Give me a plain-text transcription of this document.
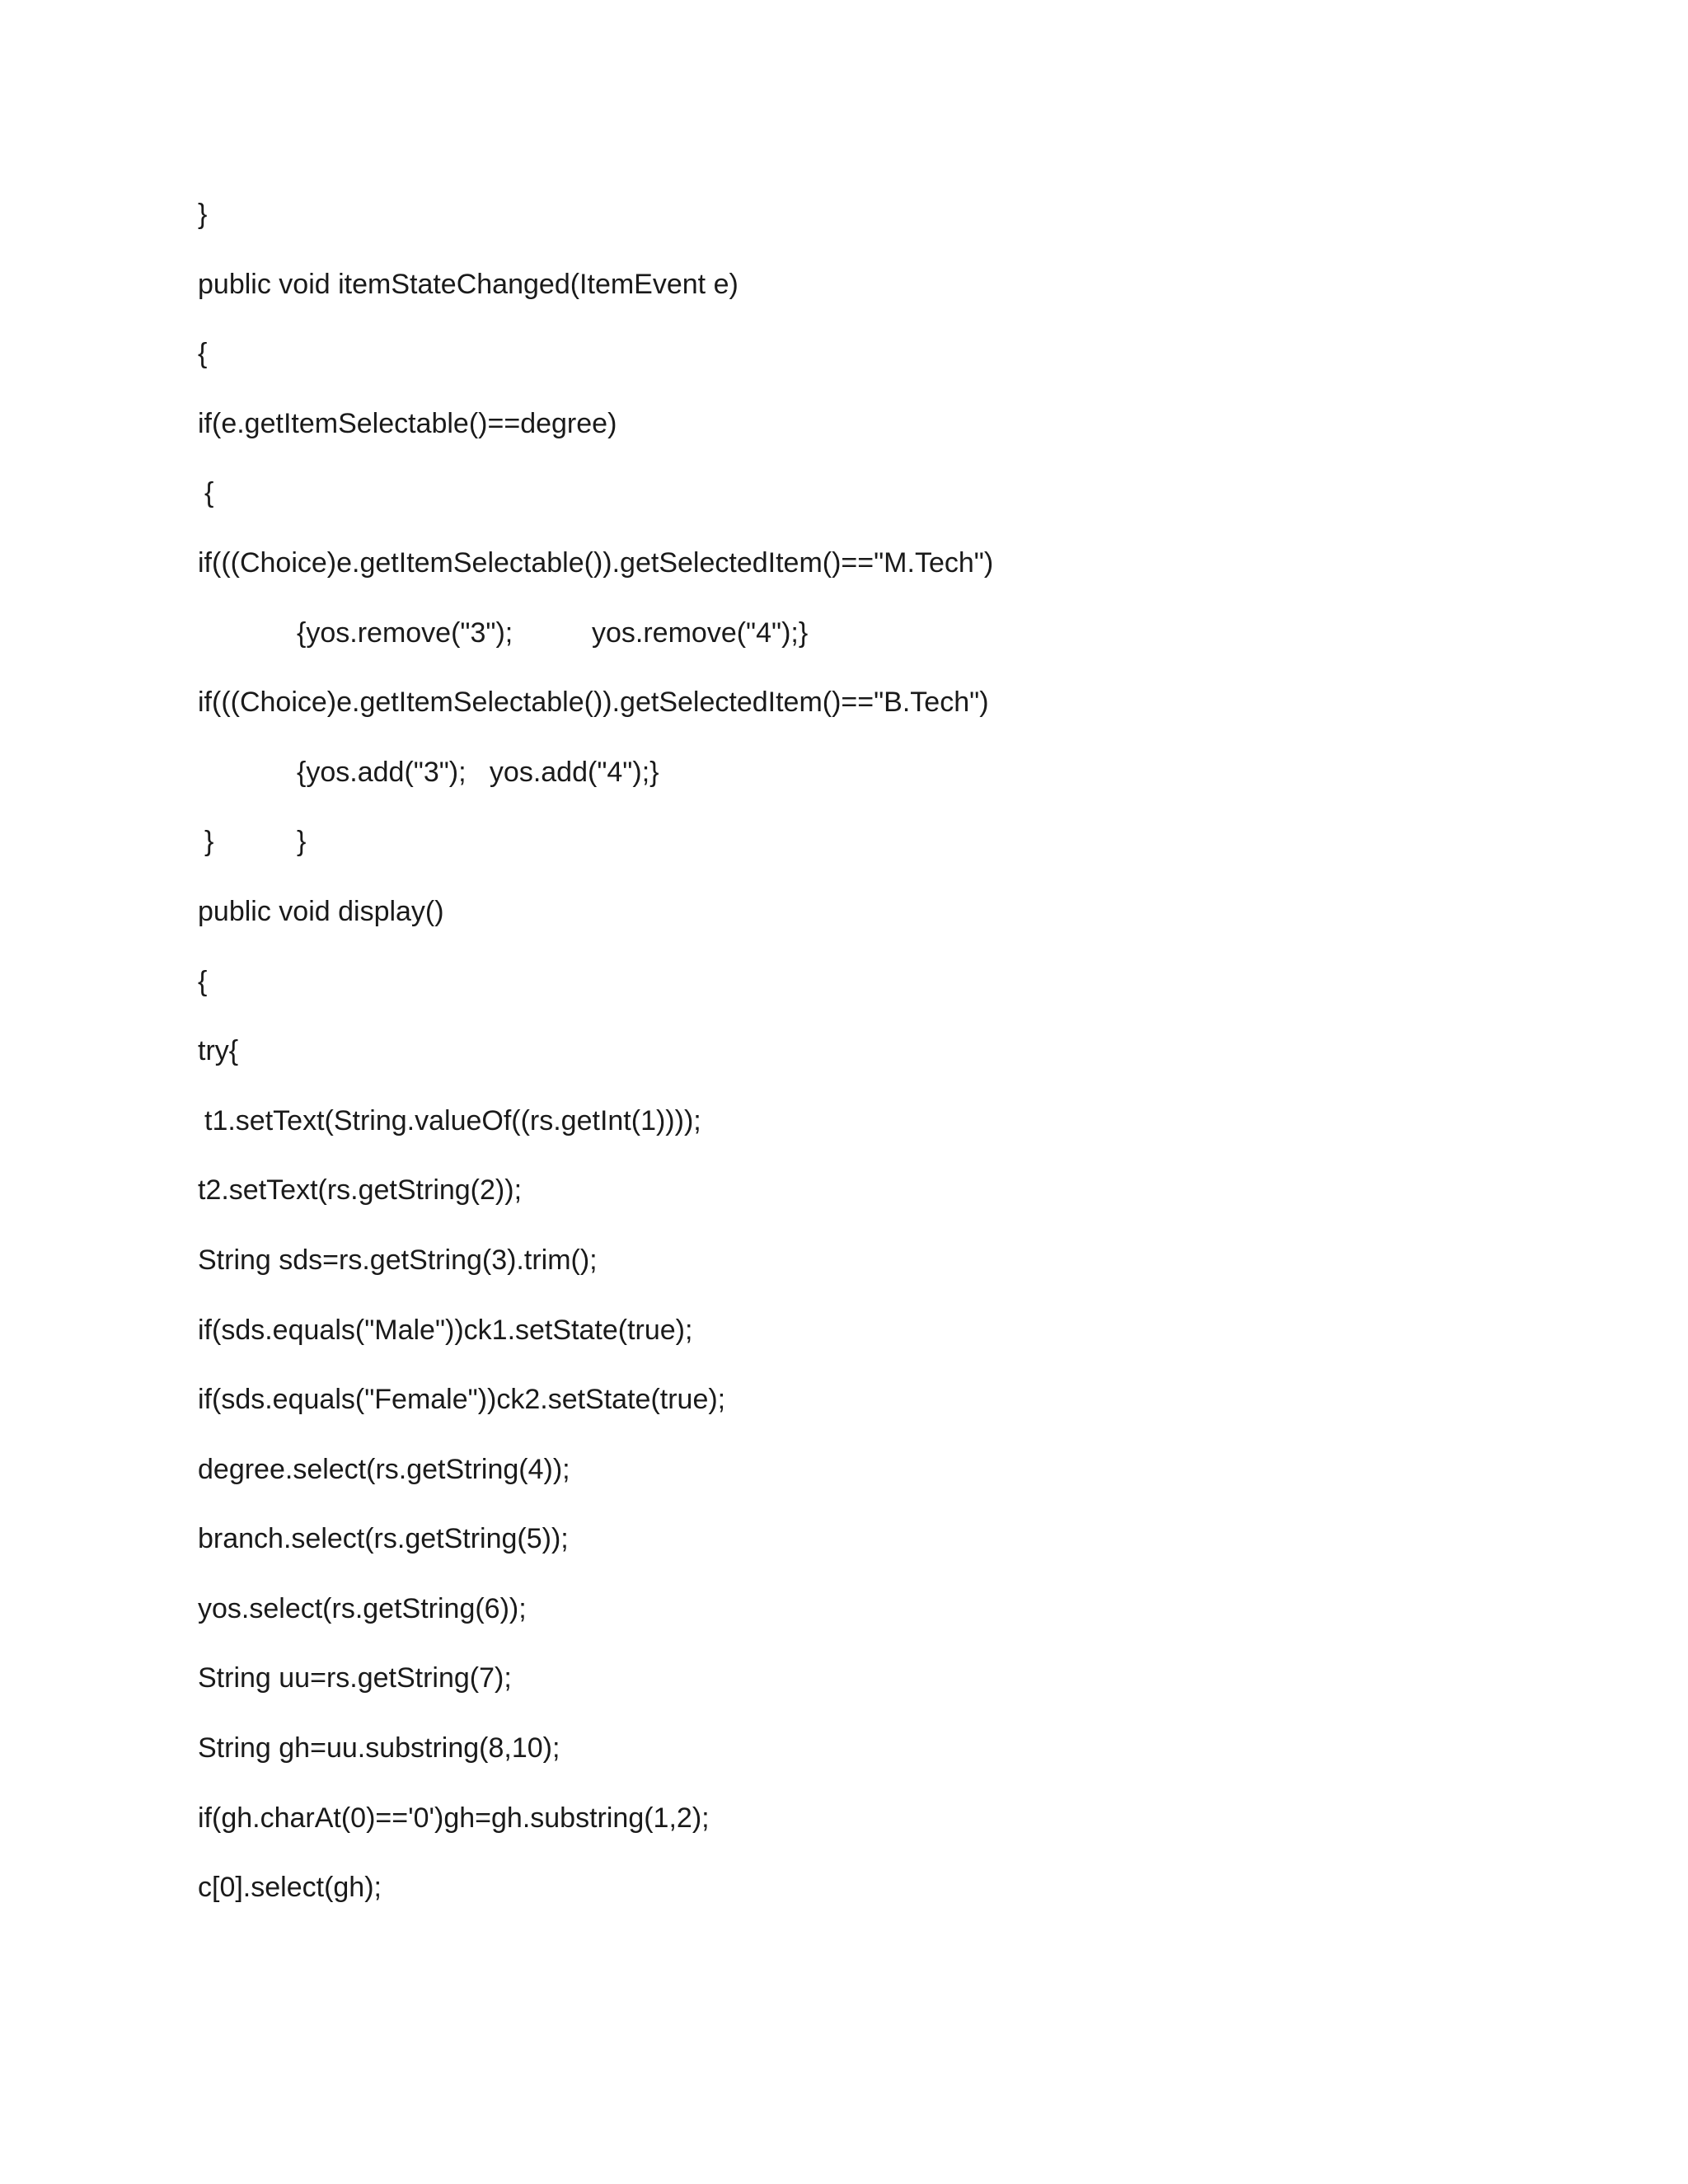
}
public void itemStateChanged(ItemEvent e)
{
if(e.getItemSelectable()==degree)
{
if(((Choice)e.getItemSelectable()).getSelectedItem()=="M.Tech")
{yos.remove("3");	yos.remove("4");}
if(((Choice)e.getItemSelectable()).getSelectedItem()=="B.Tech")
{yos.add("3");   yos.add("4");}
}	}
public void display()
{
try{
t1.setText(String.valueOf((rs.getInt(1))));
t2.setText(rs.getString(2));
String sds=rs.getString(3).trim();
if(sds.equals("Male"))ck1.setState(true);
if(sds.equals("Female"))ck2.setState(true);
degree.select(rs.getString(4));
branch.select(rs.getString(5));
yos.select(rs.getString(6));
String uu=rs.getString(7);
String gh=uu.substring(8,10);
if(gh.charAt(0)=='0')gh=gh.substring(1,2);
c[0].select(gh);
